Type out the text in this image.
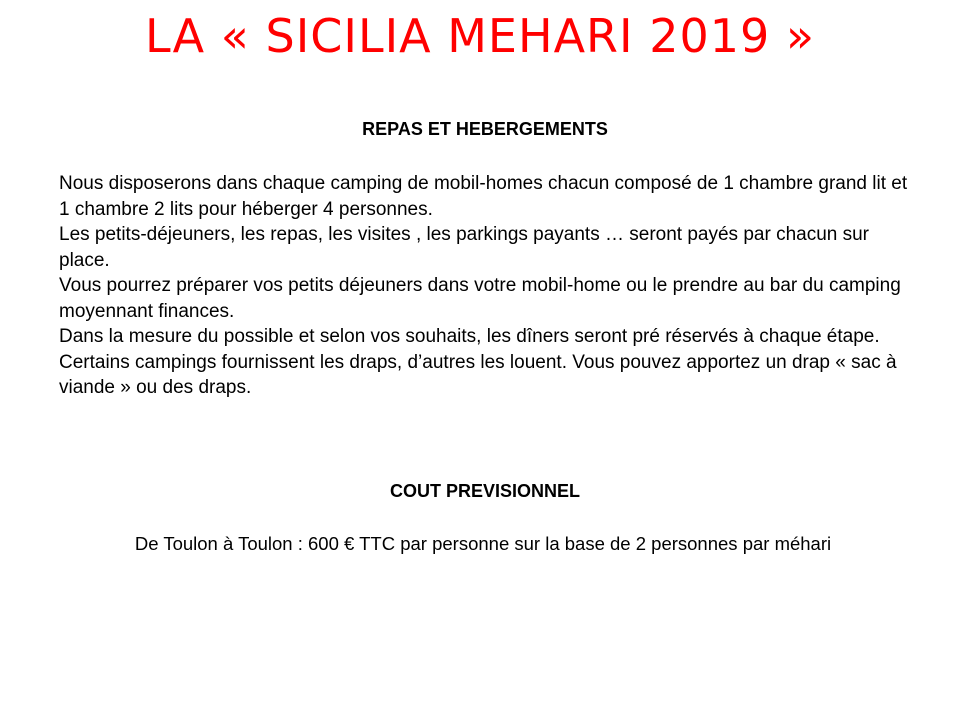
LA « SICILIA MEHARI 2019 »
REPAS ET HEBERGEMENTS

Nous disposerons dans chaque camping de mobil-homes chacun composé de 1 chambre grand lit et 1 chambre 2 lits pour héberger 4 personnes.

Les petits-déjeuners, les repas, les visites , les parkings payants … seront payés par chacun sur place.

Vous pourrez préparer vos petits déjeuners dans votre mobil-home ou le prendre au bar du camping moyennant finances.

Dans la mesure du possible et selon vos souhaits, les dîners seront pré réservés à chaque étape.

Certains campings fournissent les draps, d’autres les louent. Vous pouvez apportez un drap « sac à viande » ou des draps.

COUT PREVISIONNEL
De Toulon à Toulon : 600 € TTC par personne sur la base de 2 personnes par méhari
